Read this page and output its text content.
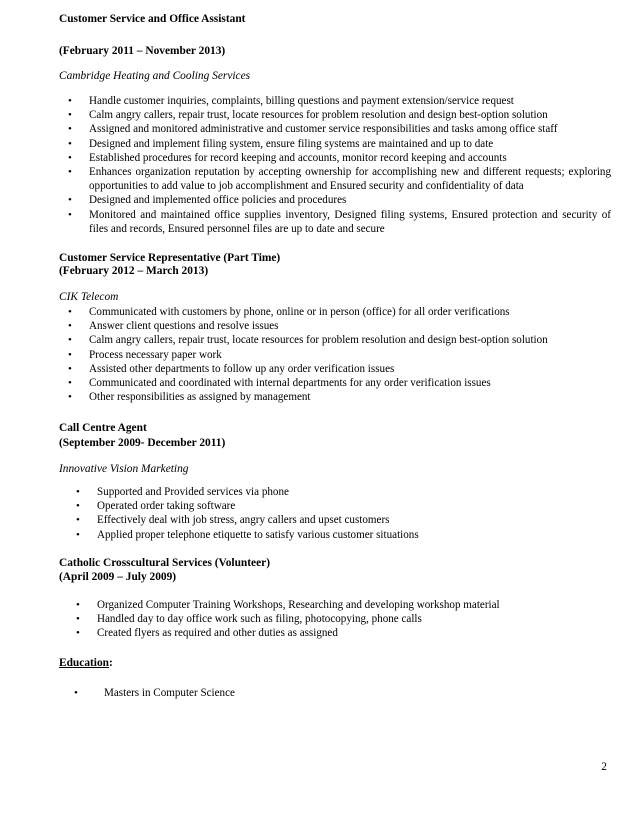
Customer Service and Office Assistant
(February 2011 – November 2013)
Cambridge Heating and Cooling Services
• Handle customer inquiries, complaints, billing questions and payment extension/service request
• Calm angry callers, repair trust, locate resources for problem resolution and design best-option solution
• Assigned and monitored administrative and customer service responsibilities and tasks among office staff
• Designed and implement filing system, ensure filing systems are maintained and up to date
• Established procedures for record keeping and accounts, monitor record keeping and accounts
• Enhances organization reputation by accepting ownership for accomplishing new and different requests; exploring opportunities to add value to job accomplishment and Ensured security and confidentiality of data
• Designed and implemented office policies and procedures
• Monitored and maintained office supplies inventory, Designed filing systems, Ensured protection and security of files and records, Ensured personnel files are up to date and secure
Customer Service Representative (Part Time)
(February 2012 – March 2013)
CIK Telecom
• Communicated with customers by phone, online or in person (office) for all order verifications
• Answer client questions and resolve issues
• Calm angry callers, repair trust, locate resources for problem resolution and design best-option solution
• Process necessary paper work
• Assisted other departments to follow up any order verification issues
• Communicated and coordinated with internal departments for any order verification issues
• Other responsibilities as assigned by management
Call Centre Agent
(September 2009- December 2011)
Innovative Vision Marketing
• Supported and Provided services via phone
• Operated order taking software
• Effectively deal with job stress, angry callers and upset customers
• Applied proper telephone etiquette to satisfy various customer situations
Catholic Crosscultural Services (Volunteer)
(April 2009 – July 2009)
• Organized Computer Training Workshops, Researching and developing workshop material
• Handled day to day office work such as filing, photocopying, phone calls
• Created flyers as required and other duties as assigned
Education:
• Masters in Computer Science
2
